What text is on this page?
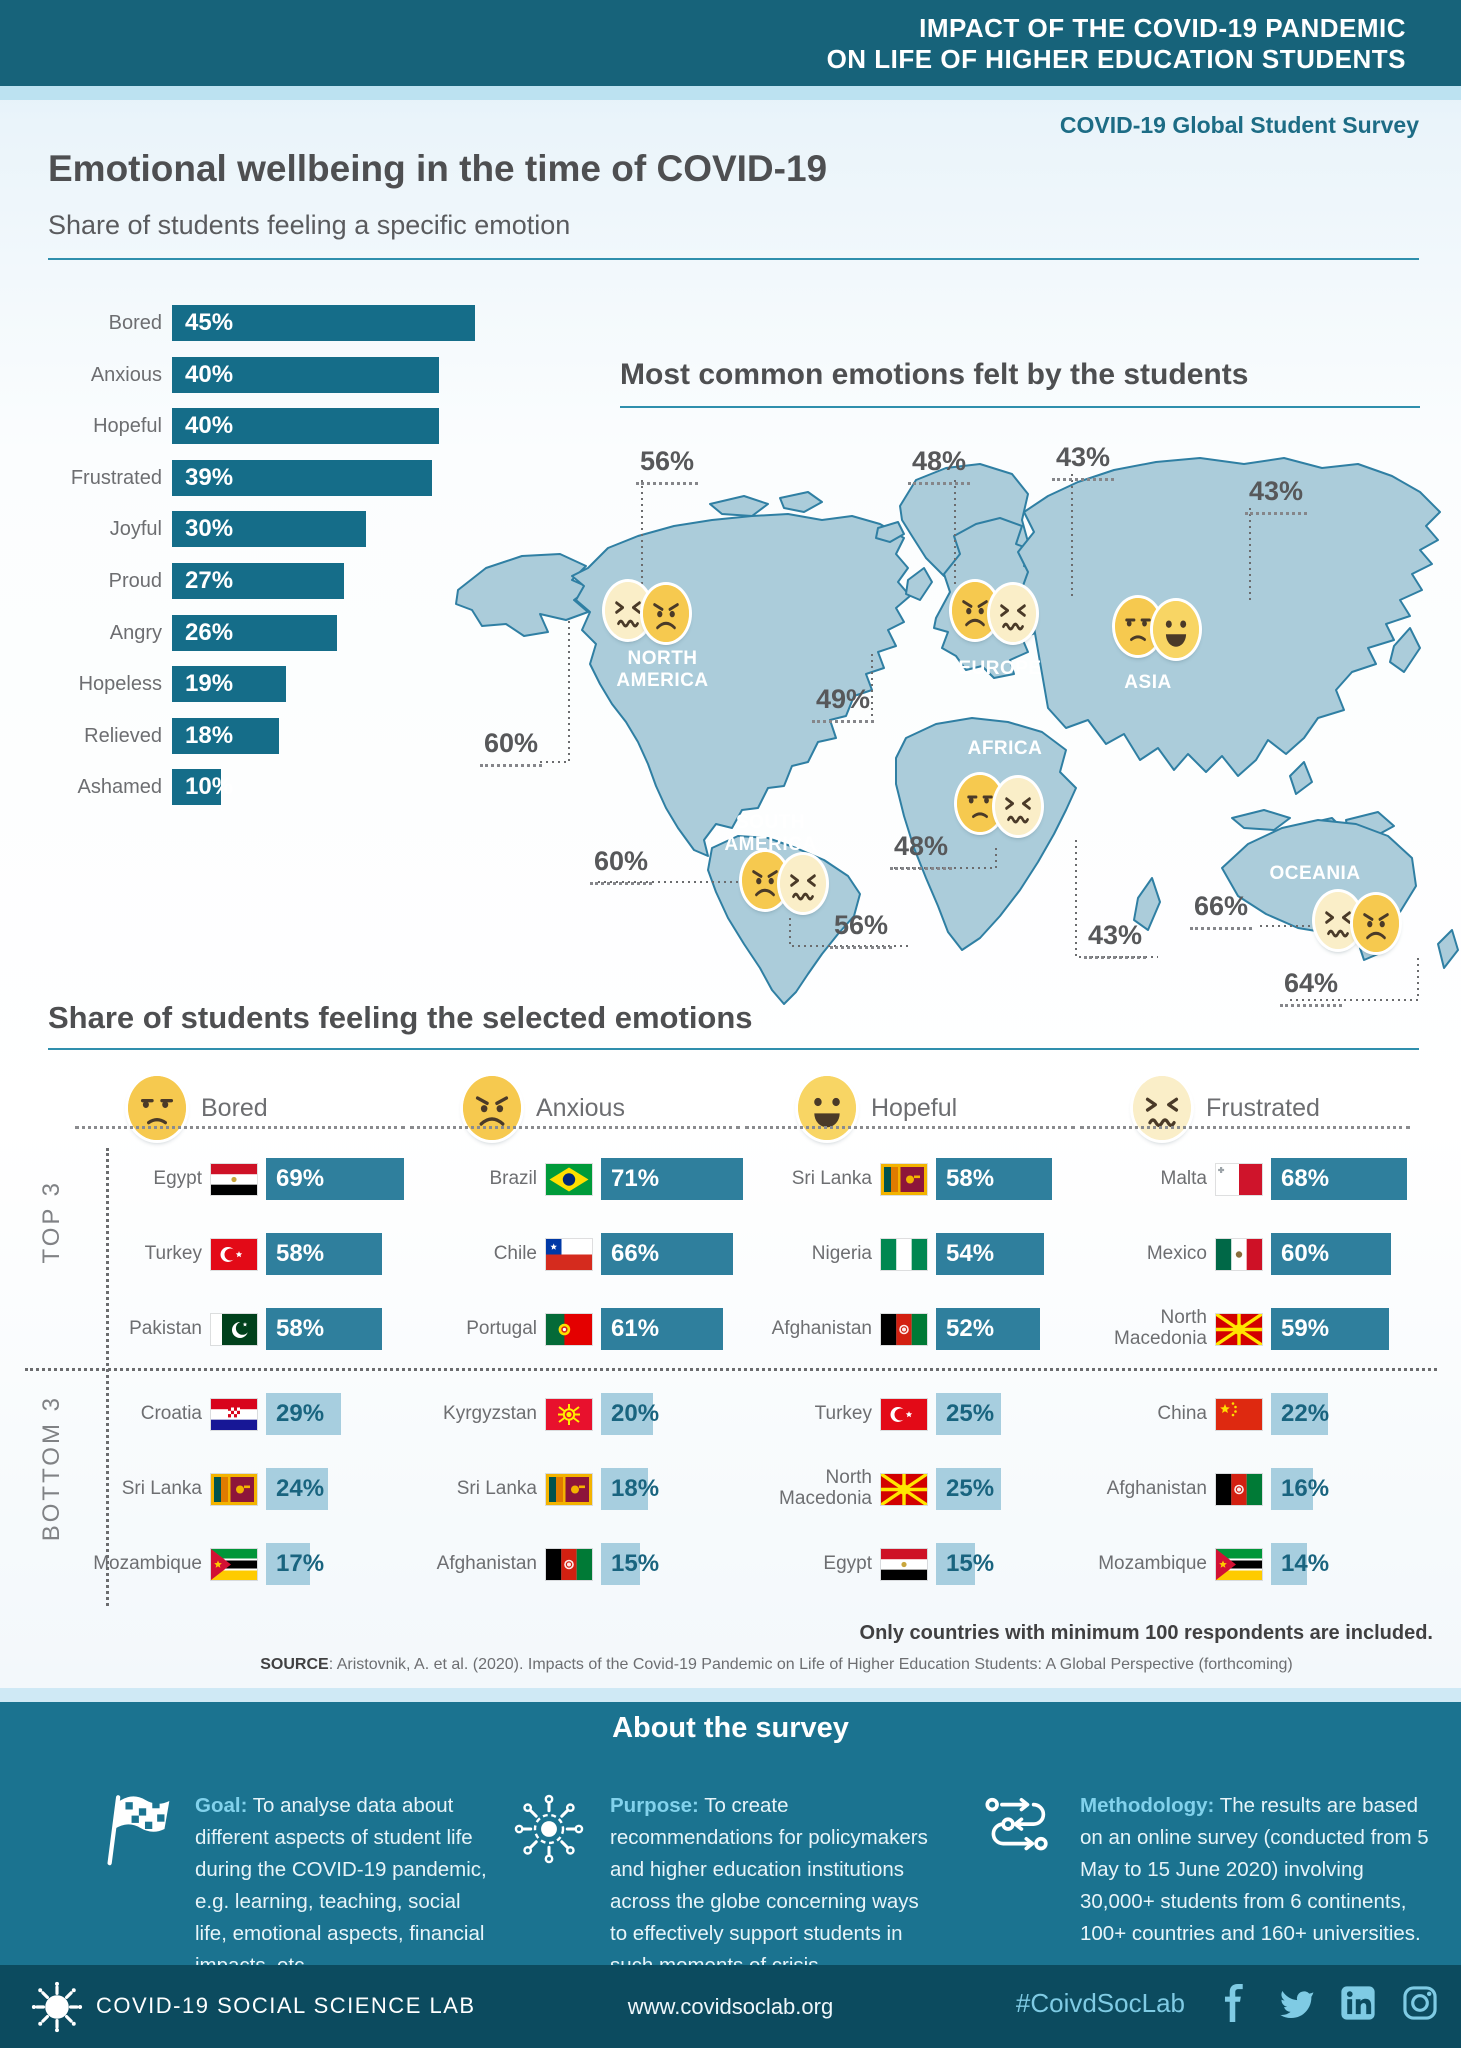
IMPACT OF THE COVID-19 PANDEMIC
ON LIFE OF HIGHER EDUCATION STUDENTS
COVID-19 Global Student Survey
Emotional wellbeing in the time of COVID-19
Share of students feeling a specific emotion
Bored 45%
Anxious 40%
Hopeful 40%
Frustrated 39%
Joyful 30%
Proud 27%
Angry 26%
Hopeless 19%
Relieved 18%
Ashamed 10%
Most common emotions felt by the students
NORTH AMERICA
56%
60%
EUROPE
48%
49%
ASIA
43%
43%
AFRICA
48%
43%
SOUTH AMERICA
60%
56%
OCEANIA
66%
64%
Share of students feeling the selected emotions
Bored
Egypt	69%
Turkey	58%
Pakistan	58%
Croatia	29%
Sri Lanka	24%
Mozambique	17%
Anxious
Brazil	71%
Chile	66%
Portugal	61%
Kyrgyzstan	20%
Sri Lanka	18%
Afghanistan	15%
Hopeful
Sri Lanka	58%
Nigeria	54%
Afghanistan	52%
Turkey	25%
North Macedonia	25%
Egypt	15%
Frustrated
Malta	68%
Mexico	60%
North Macedonia	59%
China	22%
Afghanistan	16%
Mozambique	14%
TOP 3
BOTTOM 3
Only countries with minimum 100 respondents are included.
SOURCE: Aristovnik, A. et al. (2020). Impacts of the Covid-19 Pandemic on Life of Higher Education Students: A Global Perspective (forthcoming)
About the survey
Goal: To analyse data about different aspects of student life during the COVID-19 pandemic, e.g. learning, teaching, social life, emotional aspects, financial
Purpose: To create recommendations for policymakers and higher education institutions across the globe concerning ways to effectively support students in
Methodology: The results are based on an online survey (conducted from 5 May to 15 June 2020) involving 30,000+ students from 6 continents, 100+ countries and 160+ universities.
COVID-19 SOCIAL SCIENCE LAB	www.covidsoclab.org	#CoivdSocLab
